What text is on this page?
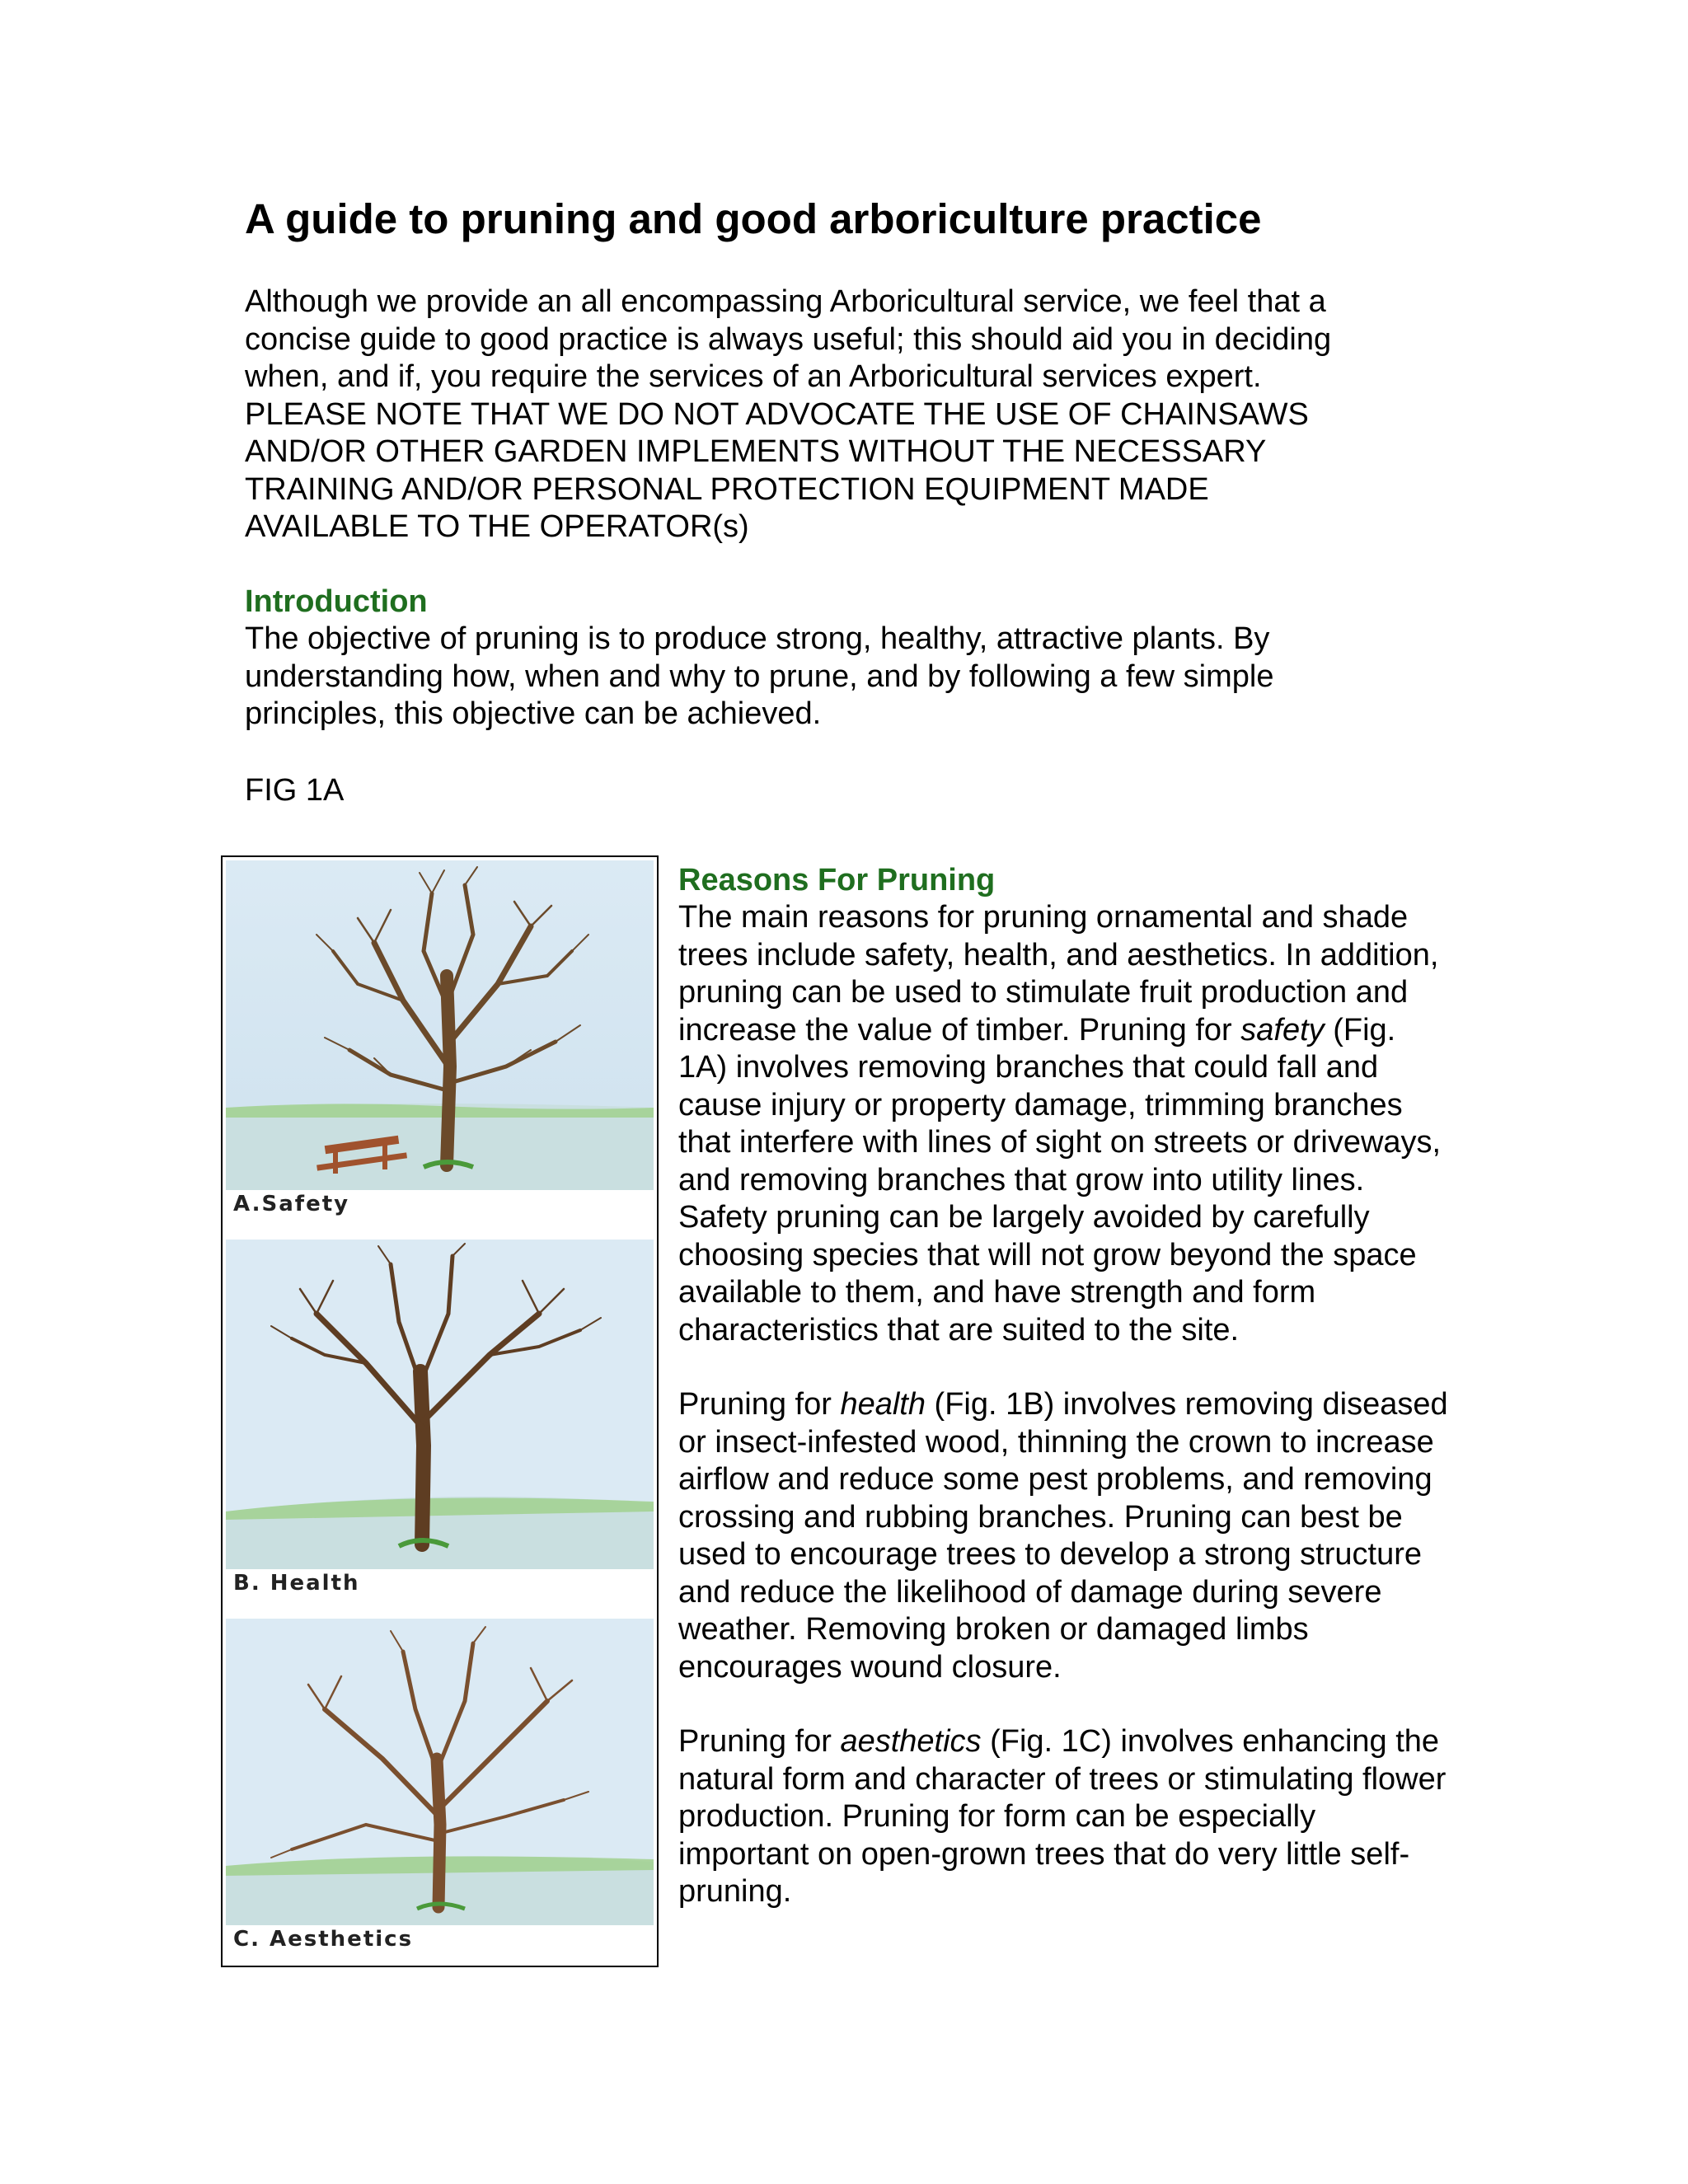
A guide to pruning and good arboriculture practice
Although we provide an all encompassing Arboricultural service, we feel that a
concise guide to good practice is always useful; this should aid you in deciding
when, and if, you require the services of an Arboricultural services expert.
PLEASE NOTE THAT WE DO NOT ADVOCATE THE USE OF CHAINSAWS
AND/OR OTHER GARDEN IMPLEMENTS WITHOUT THE NECESSARY
TRAINING AND/OR PERSONAL PROTECTION EQUIPMENT MADE
AVAILABLE TO THE OPERATOR(s)
Introduction
The objective of pruning is to produce strong, healthy, attractive plants. By
understanding how, when and why to prune, and by following a few simple
principles, this objective can be achieved.
FIG 1A
A.Safety
B. Health
C. Aesthetics
Reasons For Pruning
The main reasons for pruning ornamental and shade
trees include safety, health, and aesthetics. In addition,
pruning can be used to stimulate fruit production and
increase the value of timber. Pruning for safety (Fig.
1A) involves removing branches that could fall and
cause injury or property damage, trimming branches
that interfere with lines of sight on streets or driveways,
and removing branches that grow into utility lines.
Safety pruning can be largely avoided by carefully
choosing species that will not grow beyond the space
available to them, and have strength and form
characteristics that are suited to the site.
Pruning for health (Fig. 1B) involves removing diseased
or insect-infested wood, thinning the crown to increase
airflow and reduce some pest problems, and removing
crossing and rubbing branches. Pruning can best be
used to encourage trees to develop a strong structure
and reduce the likelihood of damage during severe
weather. Removing broken or damaged limbs
encourages wound closure.
Pruning for aesthetics (Fig. 1C) involves enhancing the
natural form and character of trees or stimulating flower
production. Pruning for form can be especially
important on open-grown trees that do very little self-
pruning.
